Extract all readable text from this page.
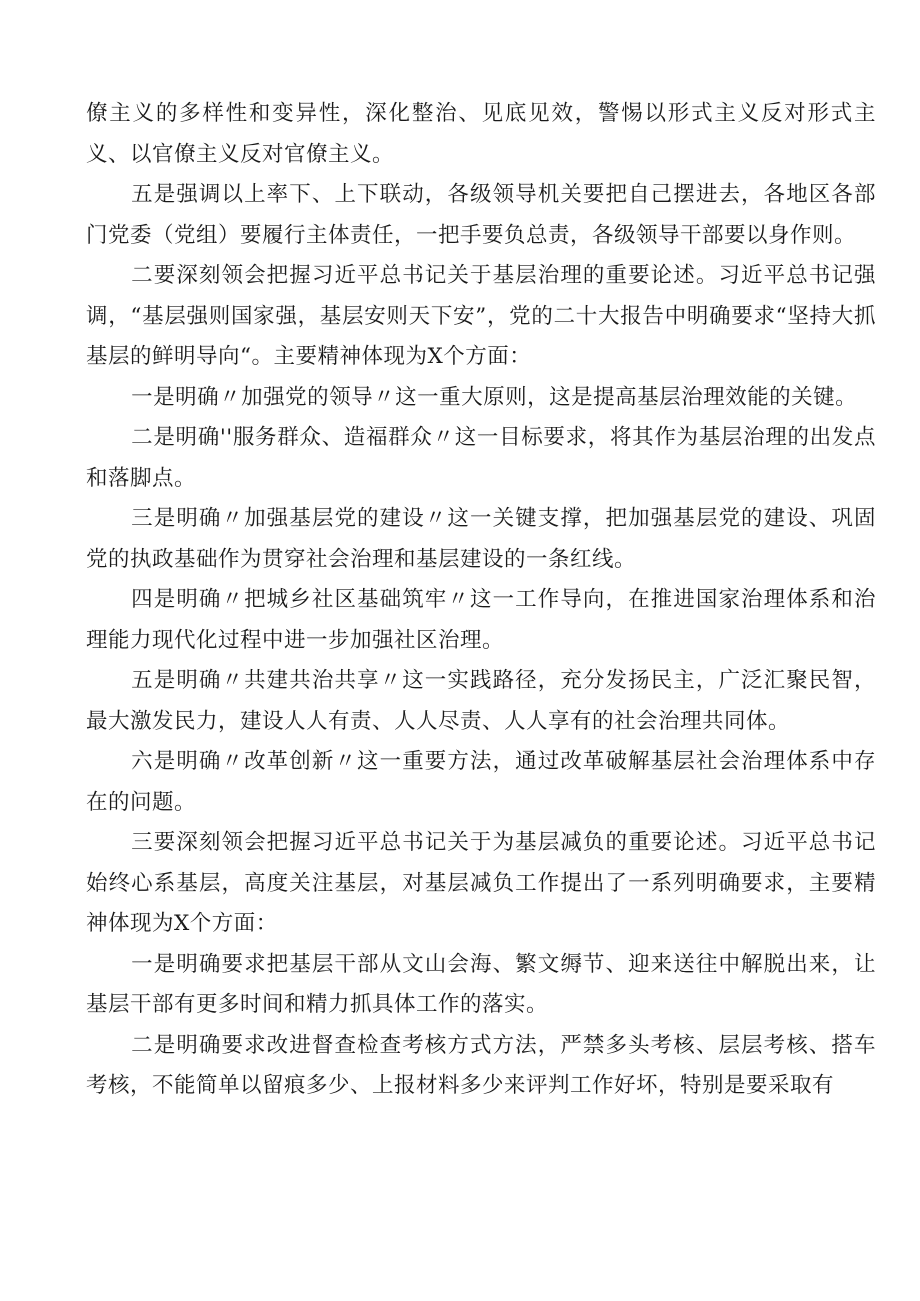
僚主义的多样性和变异性，深化整治、见底见效，警惕以形式主义反对形式主义、以官僚主义反对官僚主义。

五是强调以上率下、上下联动，各级领导机关要把自己摆进去，各地区各部门党委（党组）要履行主体责任，一把手要负总责，各级领导干部要以身作则。

二要深刻领会把握习近平总书记关于基层治理的重要论述。习近平总书记强调，“基层强则国家强，基层安则天下安”，党的二十大报告中明确要求“坚持大抓基层的鲜明导向“。主要精神体现为X个方面：

一是明确〃加强党的领导〃这一重大原则，这是提高基层治理效能的关键。

二是明确''服务群众、造福群众〃这一目标要求，将其作为基层治理的出发点和落脚点。

三是明确〃加强基层党的建设〃这一关键支撑，把加强基层党的建设、巩固党的执政基础作为贯穿社会治理和基层建设的一条红线。

四是明确〃把城乡社区基础筑牢〃这一工作导向，在推进国家治理体系和治理能力现代化过程中进一步加强社区治理。

五是明确〃共建共治共享〃这一实践路径，充分发扬民主，广泛汇聚民智，最大激发民力，建设人人有责、人人尽责、人人享有的社会治理共同体。

六是明确〃改革创新〃这一重要方法，通过改革破解基层社会治理体系中存在的问题。

三要深刻领会把握习近平总书记关于为基层减负的重要论述。习近平总书记始终心系基层，高度关注基层，对基层减负工作提出了一系列明确要求，主要精神体现为X个方面：

一是明确要求把基层干部从文山会海、繁文缛节、迎来送往中解脱出来，让基层干部有更多时间和精力抓具体工作的落实。

二是明确要求改进督查检查考核方式方法，严禁多头考核、层层考核、搭车考核，不能简单以留痕多少、上报材料多少来评判工作好坏，特别是要采取有
